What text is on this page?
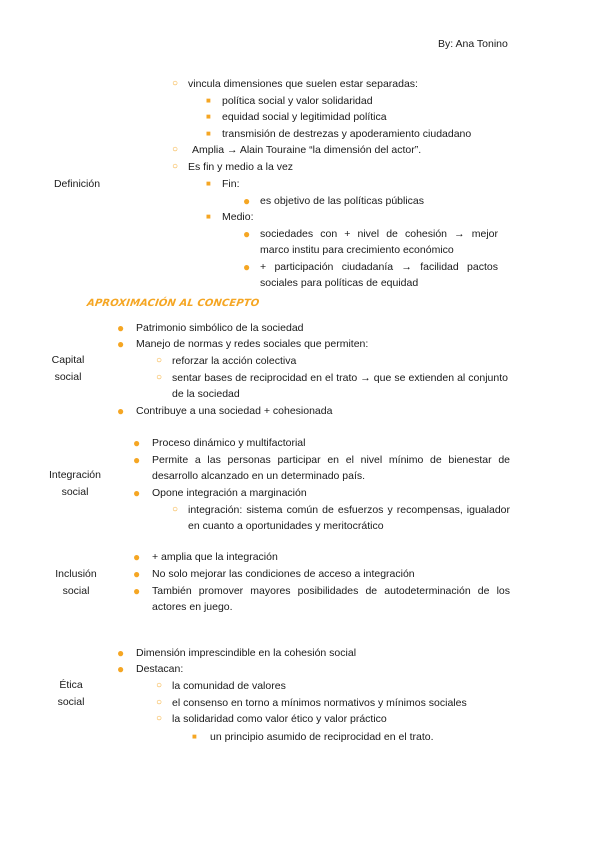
By: Ana Tonino
Definición
○ vincula dimensiones que suelen estar separadas:
■ política social y valor solidaridad
■ equidad social y legitimidad política
■ transmisión de destrezas y apoderamiento ciudadano
○ Amplia → Alain Touraine “la dimensión del actor”.
○ Es fin y medio a la vez
■ Fin:
● es objetivo de las políticas públicas
■ Medio:
● sociedades con + nivel de cohesión → mejor marco institu para crecimiento económico
● + participación ciudadanía → facilidad pactos sociales para políticas de equidad
APROXIMACIÓN AL CONCEPTO
Capital
social
● Patrimonio simbólico de la sociedad
● Manejo de normas y redes sociales que permiten:
○ reforzar la acción colectiva
○ sentar bases de reciprocidad en el trato → que se extienden al conjunto de la sociedad
● Contribuye a una sociedad + cohesionada
Integración
social
● Proceso dinámico y multifactorial
● Permite a las personas participar en el nivel mínimo de bienestar de desarrollo alcanzado en un determinado país.
● Opone integración a marginación
○ integración: sistema común de esfuerzos y recompensas, igualador en cuanto a oportunidades y meritocrático
Inclusión
social
● + amplia que la integración
● No solo mejorar las condiciones de acceso a integración
● También promover mayores posibilidades de autodeterminación de los actores en juego.
Ética
social
● Dimensión imprescindible en la cohesión social
● Destacan:
○ la comunidad de valores
○ el consenso en torno a mínimos normativos y mínimos sociales
○ la solidaridad como valor ético y valor práctico
■ un principio asumido de reciprocidad en el trato.
